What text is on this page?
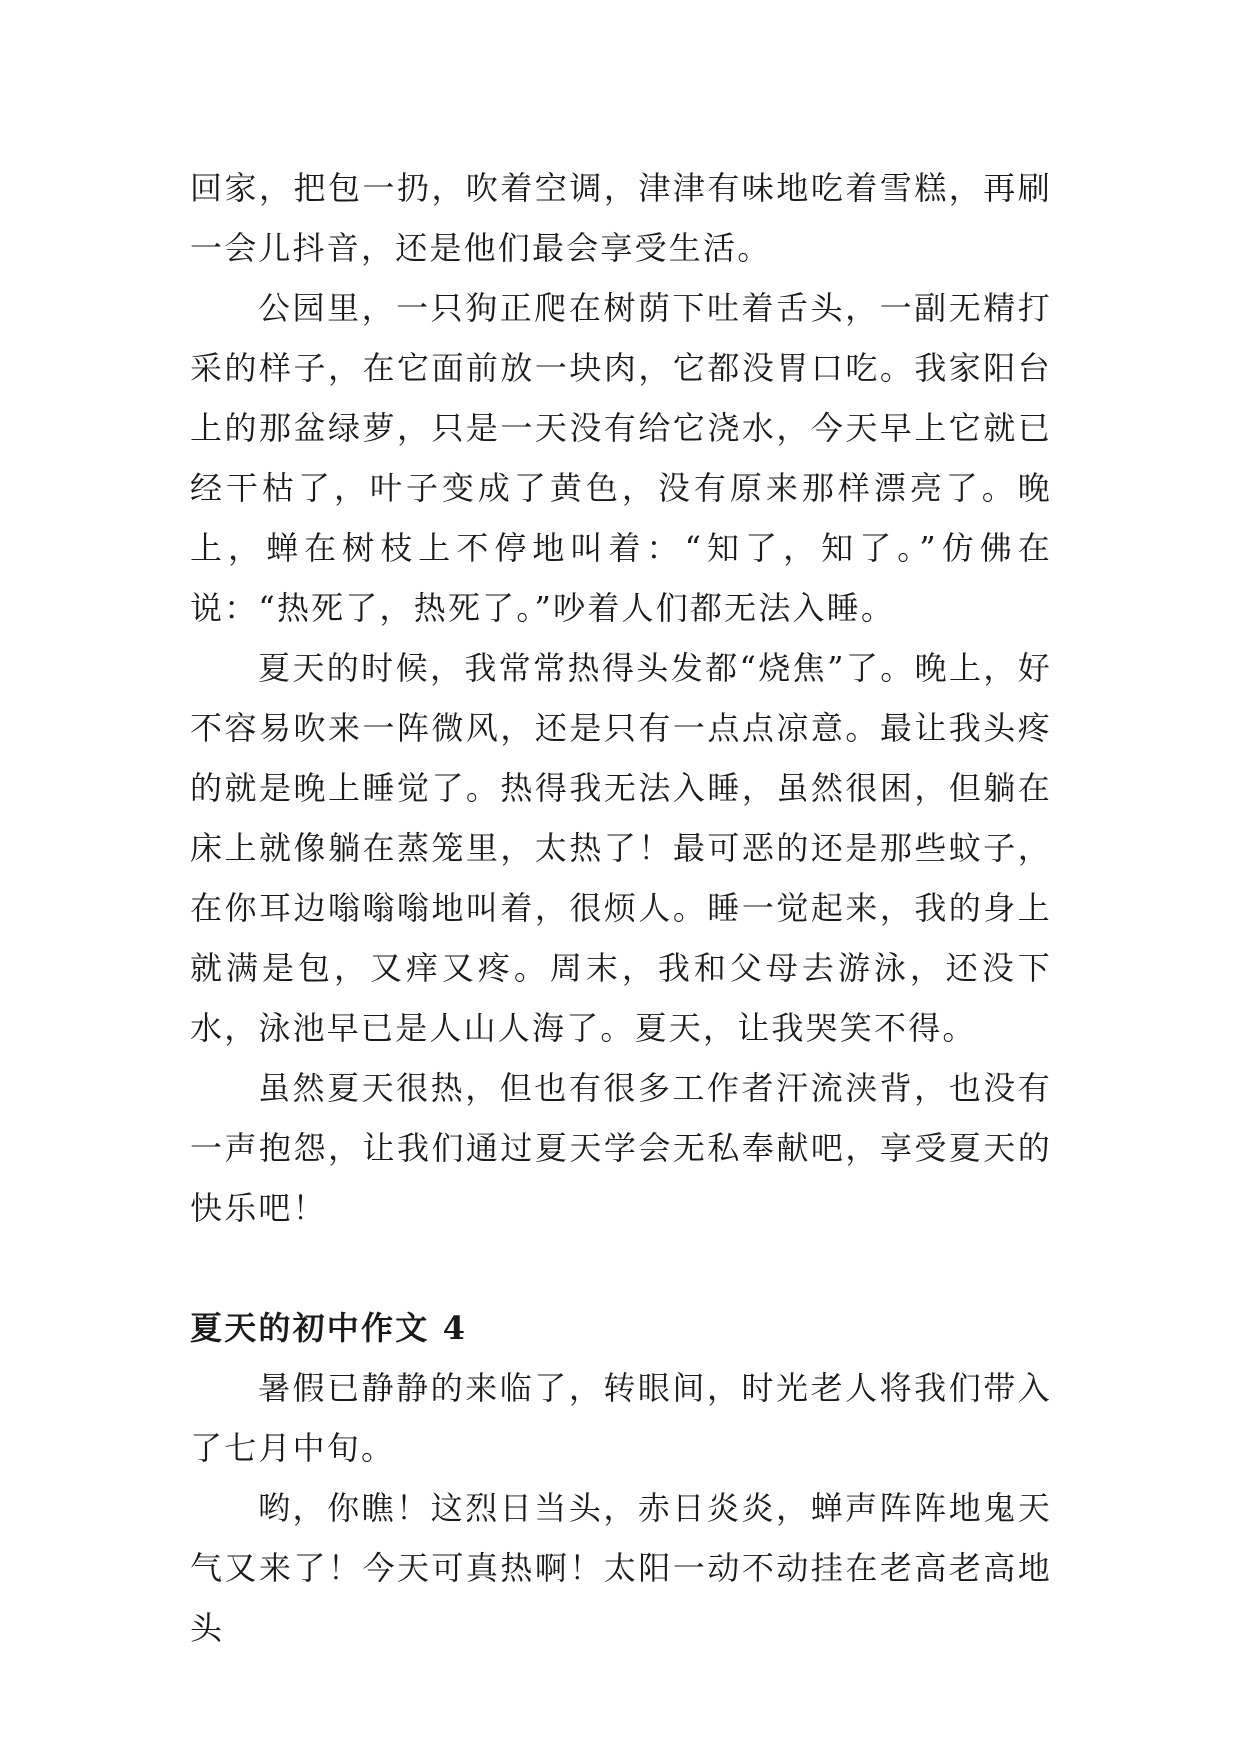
回家，把包一扔，吹着空调，津津有味地吃着雪糕，再刷一会儿抖音，还是他们最会享受生活。

公园里，一只狗正爬在树荫下吐着舌头，一副无精打采的样子，在它面前放一块肉，它都没胃口吃。我家阳台上的那盆绿萝，只是一天没有给它浇水，今天早上它就已经干枯了，叶子变成了黄色，没有原来那样漂亮了。晚上，蝉在树枝上不停地叫着：“知了，知了。”仿佛在说：“热死了，热死了。”吵着人们都无法入睡。

夏天的时候，我常常热得头发都“烧焦”了。晚上，好不容易吹来一阵微风，还是只有一点点凉意。最让我头疼的就是晚上睡觉了。热得我无法入睡，虽然很困，但躺在床上就像躺在蒸笼里，太热了！最可恶的还是那些蚊子，在你耳边嗡嗡嗡地叫着，很烦人。睡一觉起来，我的身上就满是包，又痒又疼。周末，我和父母去游泳，还没下水，泳池早已是人山人海了。夏天，让我哭笑不得。

虽然夏天很热，但也有很多工作者汗流浃背，也没有一声抱怨，让我们通过夏天学会无私奉献吧，享受夏天的快乐吧！

夏天的初中作文 4

暑假已静静的来临了，转眼间，时光老人将我们带入了七月中旬。

哟，你瞧！这烈日当头，赤日炎炎，蝉声阵阵地鬼天气又来了！今天可真热啊！太阳一动不动挂在老高老高地头
